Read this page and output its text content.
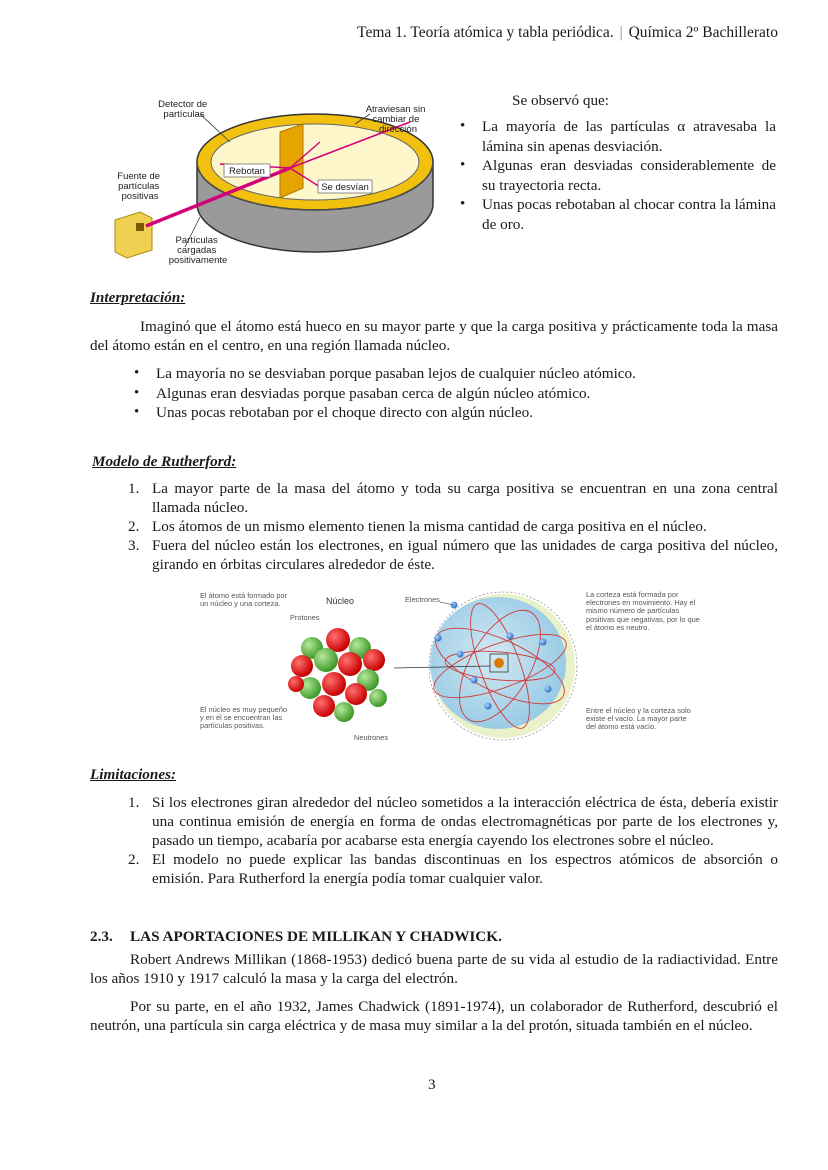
Tema 1. Teoría atómica y tabla periódica. | Química 2º Bachillerato
Detector de partículas	Atraviesan sin cambiar de dirección
Fuente de partículas positivas
Rebotan
Se desvían
Partículas cargadas positivamente
Se observó que:
• La mayoría de las partículas α atravesaba la lámina sin apenas desviación.
• Algunas eran desviadas considerablemente de su trayectoria recta.
• Unas pocas rebotaban al chocar contra la lámina de oro.
Interpretación:
Imaginó que el átomo está hueco en su mayor parte y que la carga positiva y prácticamente toda la masa del átomo están en el centro, en una región llamada núcleo.
• La mayoría no se desviaban porque pasaban lejos de cualquier núcleo atómico.
• Algunas eran desviadas porque pasaban cerca de algún núcleo atómico.
• Unas pocas rebotaban por el choque directo con algún núcleo.
Modelo de Rutherford:
1. La mayor parte de la masa del átomo y toda su carga positiva se encuentran en una zona central llamada núcleo.
2. Los átomos de un mismo elemento tienen la misma cantidad de carga positiva en el núcleo.
3. Fuera del núcleo están los electrones, en igual número que las unidades de carga positiva del núcleo, girando en órbitas circulares alrededor de éste.
El átomo está formado por un núcleo y una corteza.	Núcleo
Protones
Electrones
La corteza está formada por electrones en movimiento. Hay el mismo número de partículas positivas que negativas, por lo que el átomo es neutro.
El núcleo es muy pequeño y en él se encuentran las partículas positivas.
Neutrones
Entre el núcleo y la corteza solo existe el vacío. La mayor parte del átomo está vacío.
Limitaciones:
1. Si los electrones giran alrededor del núcleo sometidos a la interacción eléctrica de ésta, debería existir una continua emisión de energía en forma de ondas electromagnéticas por parte de los electrones y, pasado un tiempo, acabaría por acabarse esta energía cayendo los electrones sobre el núcleo.
2. El modelo no puede explicar las bandas discontinuas en los espectros atómicos de absorción o emisión. Para Rutherford la energía podía tomar cualquier valor.
2.3. LAS APORTACIONES DE MILLIKAN Y CHADWICK.
Robert Andrews Millikan (1868-1953) dedicó buena parte de su vida al estudio de la radiactividad. Entre los años 1910 y 1917 calculó la masa y la carga del electrón.
Por su parte, en el año 1932, James Chadwick (1891-1974), un colaborador de Rutherford, descubrió el neutrón, una partícula sin carga eléctrica y de masa muy similar a la del protón, situada también en el núcleo.
3
